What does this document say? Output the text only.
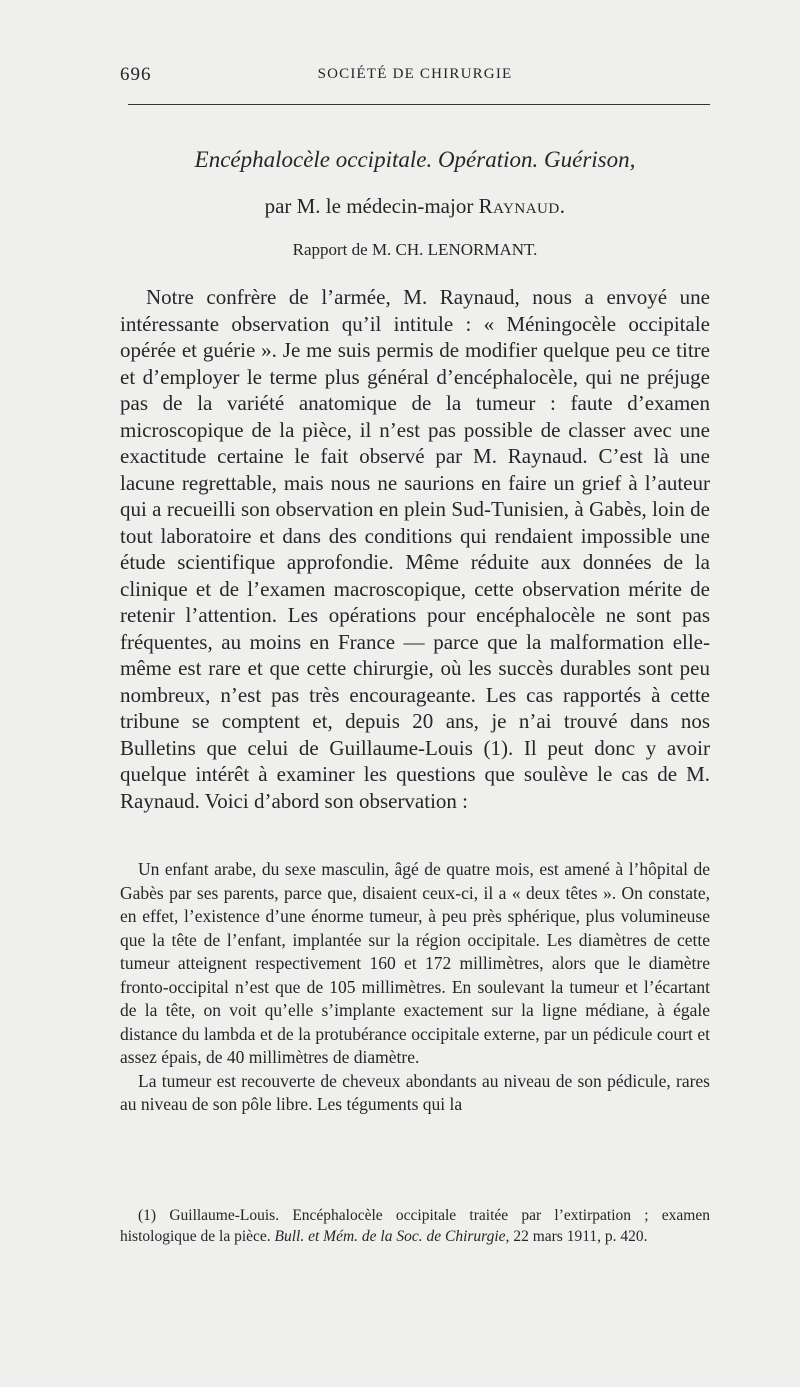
696	SOCIÉTÉ DE CHIRURGIE
Encéphalocèle occipitale. Opération. Guérison,
par M. le médecin-major Raynaud.
Rapport de M. CH. LENORMANT.

Notre confrère de l’armée, M. Raynaud, nous a envoyé une intéressante observation qu’il intitule : « Méningocèle occipitale opérée et guérie ». Je me suis permis de modifier quelque peu ce titre et d’employer le terme plus général d’encéphalocèle, qui ne préjuge pas de la variété anatomique de la tumeur : faute d’examen microscopique de la pièce, il n’est pas possible de classer avec une exactitude certaine le fait observé par M. Raynaud. C’est là une lacune regrettable, mais nous ne saurions en faire un grief à l’auteur qui a recueilli son observation en plein Sud-Tunisien, à Gabès, loin de tout laboratoire et dans des conditions qui rendaient impossible une étude scientifique approfondie. Même réduite aux données de la clinique et de l’examen macroscopique, cette observation mérite de retenir l’attention. Les opérations pour encéphalocèle ne sont pas fréquentes, au moins en France — parce que la malformation elle-même est rare et que cette chirurgie, où les succès durables sont peu nombreux, n’est pas très encourageante. Les cas rapportés à cette tribune se comptent et, depuis 20 ans, je n’ai trouvé dans nos Bulletins que celui de Guillaume-Louis (1). Il peut donc y avoir quelque intérêt à examiner les questions que soulève le cas de M. Raynaud. Voici d’abord son observation :

Un enfant arabe, du sexe masculin, âgé de quatre mois, est amené à l’hôpital de Gabès par ses parents, parce que, disaient ceux-ci, il a « deux têtes ». On constate, en effet, l’existence d’une énorme tumeur, à peu près sphérique, plus volumineuse que la tête de l’enfant, implantée sur la région occipitale. Les diamètres de cette tumeur atteignent respectivement 160 et 172 millimètres, alors que le diamètre fronto-occipital n’est que de 105 millimètres. En soulevant la tumeur et l’écartant de la tête, on voit qu’elle s’implante exactement sur la ligne médiane, à égale distance du lambda et de la protubérance occipitale externe, par un pédicule court et assez épais, de 40 millimètres de diamètre.

La tumeur est recouverte de cheveux abondants au niveau de son pédicule, rares au niveau de son pôle libre. Les téguments qui la

(1) Guillaume-Louis. Encéphalocèle occipitale traitée par l’extirpation ; examen histologique de la pièce. Bull. et Mém. de la Soc. de Chirurgie, 22 mars 1911, p. 420.
